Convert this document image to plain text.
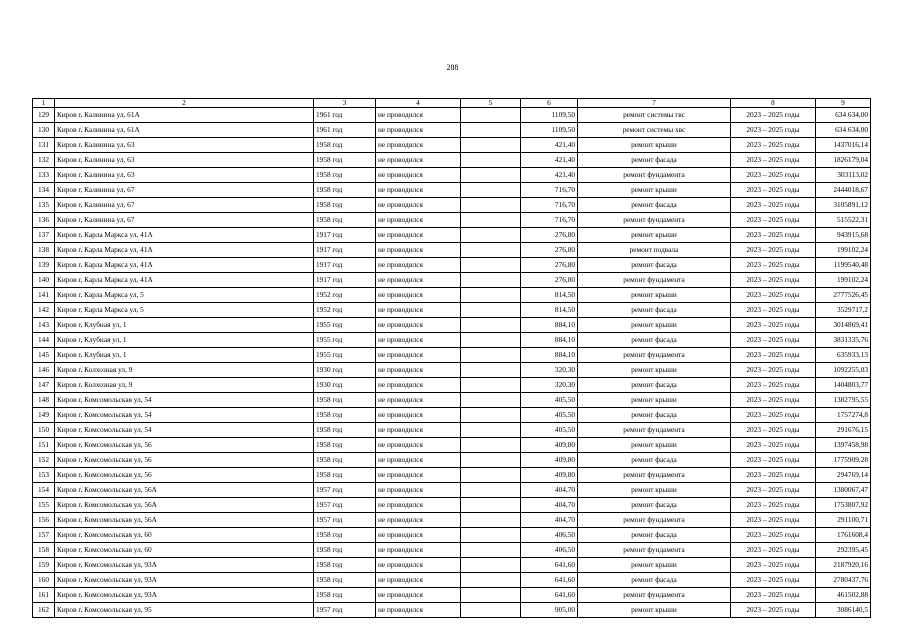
288
1	2	3	4	5	6	7	8	9
129	Киров г, Калинина ул, 61А	1961 год	не проводился		1109,50	ремонт системы гвс	2023 – 2025 годы	634 634,00
130	Киров г, Калинина ул, 61А	1961 год	не проводился		1109,50	ремонт системы хвс	2023 – 2025 годы	634 634,00
131	Киров г, Калинина ул, 63	1958 год	не проводился		421,40	ремонт крыши	2023 – 2025 годы	1437016,14
132	Киров г, Калинина ул, 63	1958 год	не проводился		421,40	ремонт фасада	2023 – 2025 годы	1826179,04
133	Киров г, Калинина ул, 63	1958 год	не проводился		421,40	ремонт фундамента	2023 – 2025 годы	303113,02
134	Киров г, Калинина ул, 67	1958 год	не проводился		716,70	ремонт крыши	2023 – 2025 годы	2444018,67
135	Киров г, Калинина ул, 67	1958 год	не проводился		716,70	ремонт фасада	2023 – 2025 годы	3105891,12
136	Киров г, Калинина ул, 67	1958 год	не проводился		716,70	ремонт фундамента	2023 – 2025 годы	515522,31
137	Киров г, Карла Маркса ул, 41А	1917 год	не проводился		276,80	ремонт крыши	2023 – 2025 годы	943915,68
138	Киров г, Карла Маркса ул, 41А	1917 год	не проводился		276,80	ремонт подвала	2023 – 2025 годы	199102,24
139	Киров г, Карла Маркса ул, 41А	1917 год	не проводился		276,80	ремонт фасада	2023 – 2025 годы	1199540,48
140	Киров г, Карла Маркса ул, 41А	1917 год	не проводился		276,80	ремонт фундамента	2023 – 2025 годы	199102,24
141	Киров г, Карла Маркса ул, 5	1952 год	не проводился		814,50	ремонт крыши	2023 – 2025 годы	2777526,45
142	Киров г, Карла Маркса ул, 5	1952 год	не проводился		814,50	ремонт фасада	2023 – 2025 годы	3529717,2
143	Киров г, Клубная ул, 1	1955 год	не проводился		884,10	ремонт крыши	2023 – 2025 годы	3014869,41
144	Киров г, Клубная ул, 1	1955 год	не проводился		884,10	ремонт фасада	2023 – 2025 годы	3831335,76
145	Киров г, Клубная ул, 1	1955 год	не проводился		884,10	ремонт фундамента	2023 – 2025 годы	635933,13
146	Киров г, Колхозная ул, 9	1930 год	не проводился		320,30	ремонт крыши	2023 – 2025 годы	1092255,03
147	Киров г, Колхозная ул, 9	1930 год	не проводился		320,30	ремонт фасада	2023 – 2025 годы	1404803,77
148	Киров г, Комсомольская ул, 54	1958 год	не проводился		405,50	ремонт крыши	2023 – 2025 годы	1382795,55
149	Киров г, Комсомольская ул, 54	1958 год	не проводился		405,50	ремонт фасада	2023 – 2025 годы	1757274,8
150	Киров г, Комсомольская ул, 54	1958 год	не проводился		405,50	ремонт фундамента	2023 – 2025 годы	291676,15
151	Киров г, Комсомольская ул, 56	1958 год	не проводился		409,80	ремонт крыши	2023 – 2025 годы	1397458,98
152	Киров г, Комсомольская ул, 56	1958 год	не проводился		409,80	ремонт фасада	2023 – 2025 годы	1775909,28
153	Киров г, Комсомольская ул, 56	1958 год	не проводился		409,80	ремонт фундамента	2023 – 2025 годы	294769,14
154	Киров г, Комсомольская ул, 56А	1957 год	не проводился		404,70	ремонт крыши	2023 – 2025 годы	1380067,47
155	Киров г, Комсомольская ул, 56А	1957 год	не проводился		404,70	ремонт фасада	2023 – 2025 годы	1753807,92
156	Киров г, Комсомольская ул, 56А	1957 год	не проводился		404,70	ремонт фундамента	2023 – 2025 годы	291100,71
157	Киров г, Комсомольская ул, 60	1958 год	не проводился		406,50	ремонт фасада	2023 – 2025 годы	1761608,4
158	Киров г, Комсомольская ул, 60	1958 год	не проводился		406,50	ремонт фундамента	2023 – 2025 годы	292395,45
159	Киров г, Комсомольская ул, 93А	1958 год	не проводился		641,60	ремонт крыши	2023 – 2025 годы	2187920,16
160	Киров г, Комсомольская ул, 93А	1958 год	не проводился		641,60	ремонт фасада	2023 – 2025 годы	2780437,76
161	Киров г, Комсомольская ул, 93А	1958 год	не проводился		641,60	ремонт фундамента	2023 – 2025 годы	461502,88
162	Киров г, Комсомольская ул, 95	1957 год	не проводился		905,00	ремонт крыши	2023 – 2025 годы	3086140,5
